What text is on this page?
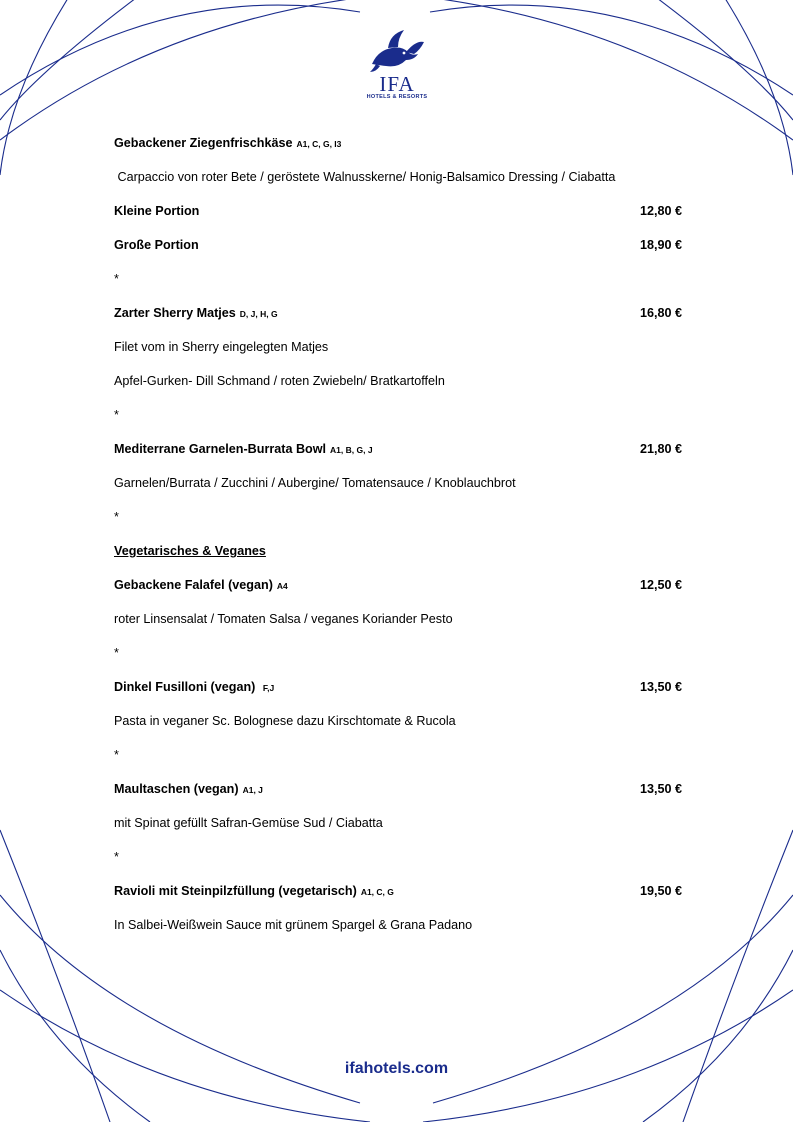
IFA
HOTELS & RESORTS
Gebackener Ziegenfrischkäse A1, C, G, I3
Carpaccio von roter Bete / geröstete Walnusskerne/ Honig-Balsamico Dressing / Ciabatta
Kleine Portion	12,80 €
Große Portion	18,90 €
*
Zarter Sherry Matjes D, J, H, G	16,80 €
Filet vom in Sherry eingelegten Matjes
Apfel-Gurken- Dill Schmand / roten Zwiebeln/ Bratkartoffeln
*
Mediterrane Garnelen-Burrata Bowl A1, B, G, J	21,80 €
Garnelen/Burrata / Zucchini / Aubergine/ Tomatensauce / Knoblauchbrot
*
Vegetarisches & Veganes
Gebackene Falafel (vegan) A4	12,50 €
roter Linsensalat / Tomaten Salsa / veganes Koriander Pesto
*
Dinkel Fusilloni (vegan) F,J	13,50 €
Pasta in veganer Sc. Bolognese dazu Kirschtomate & Rucola
*
Maultaschen (vegan) A1, J	13,50 €
mit Spinat gefüllt Safran-Gemüse Sud / Ciabatta
*
Ravioli mit Steinpilzfüllung (vegetarisch) A1, C, G	19,50 €
In Salbei-Weißwein Sauce mit grünem Spargel & Grana Padano
ifahotels.com
